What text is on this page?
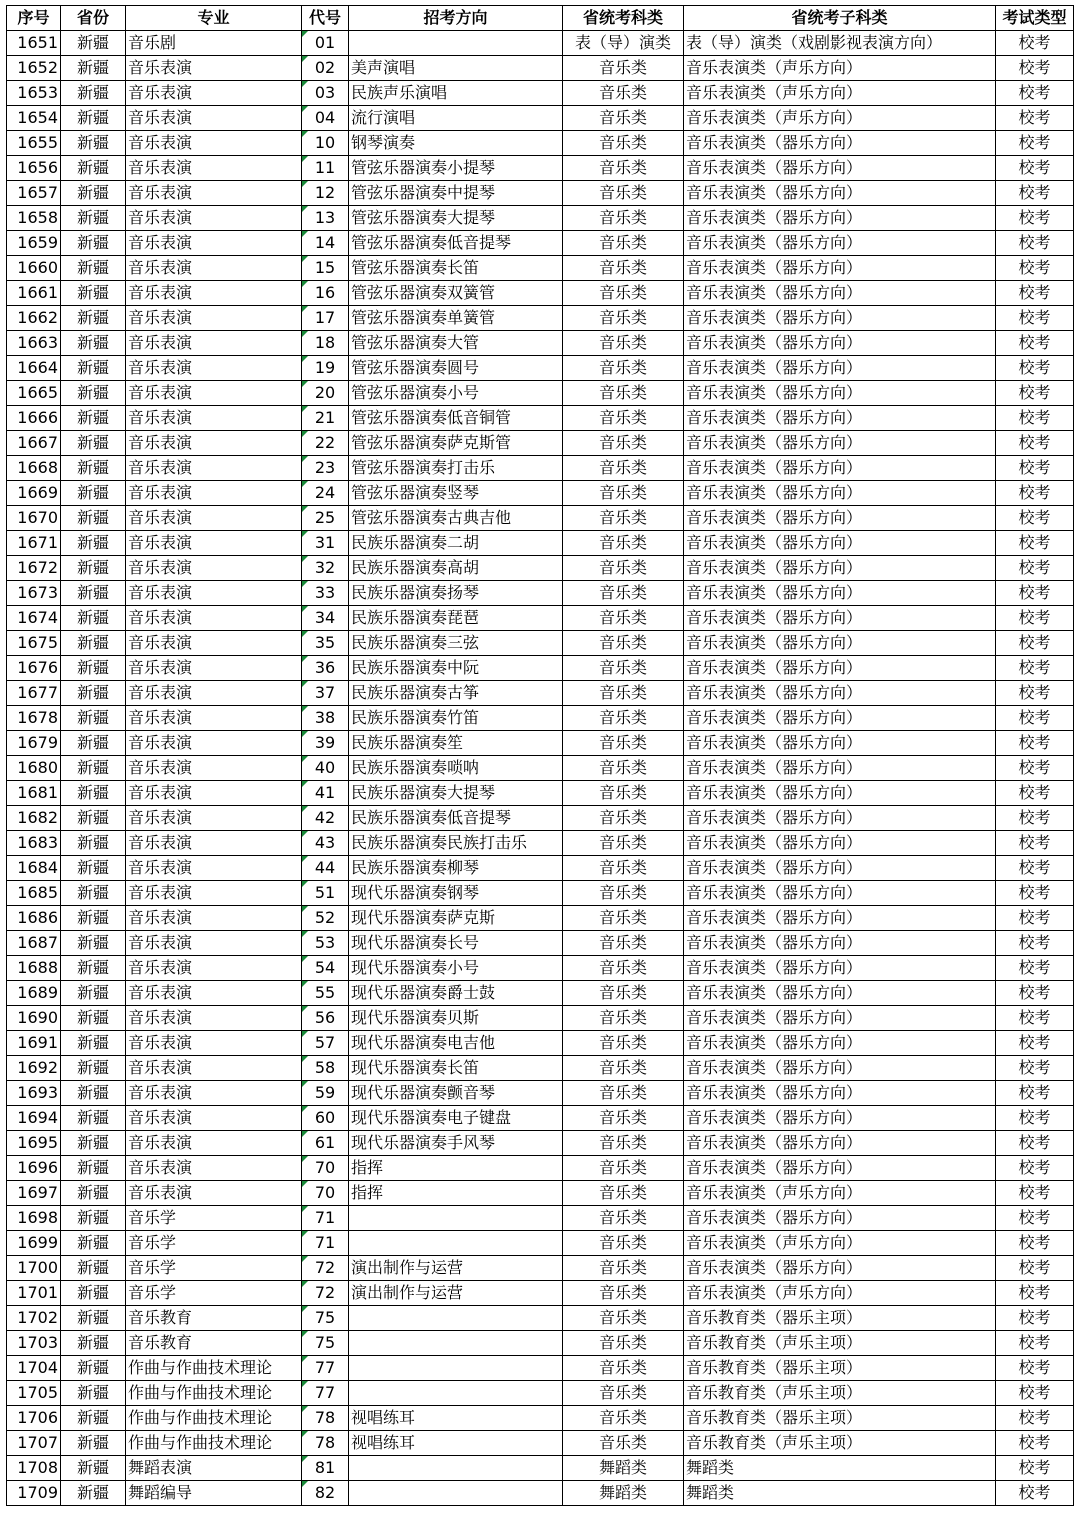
序号	省份	专业	代号	招考方向	省统考科类	省统考子科类	考试类型
1651	新疆	音乐剧	01		表（导）演类	表（导）演类（戏剧影视表演方向）	校考
1652	新疆	音乐表演	02	美声演唱	音乐类	音乐表演类（声乐方向）	校考
1653	新疆	音乐表演	03	民族声乐演唱	音乐类	音乐表演类（声乐方向）	校考
1654	新疆	音乐表演	04	流行演唱	音乐类	音乐表演类（声乐方向）	校考
1655	新疆	音乐表演	10	钢琴演奏	音乐类	音乐表演类（器乐方向）	校考
1656	新疆	音乐表演	11	管弦乐器演奏小提琴	音乐类	音乐表演类（器乐方向）	校考
1657	新疆	音乐表演	12	管弦乐器演奏中提琴	音乐类	音乐表演类（器乐方向）	校考
1658	新疆	音乐表演	13	管弦乐器演奏大提琴	音乐类	音乐表演类（器乐方向）	校考
1659	新疆	音乐表演	14	管弦乐器演奏低音提琴	音乐类	音乐表演类（器乐方向）	校考
1660	新疆	音乐表演	15	管弦乐器演奏长笛	音乐类	音乐表演类（器乐方向）	校考
1661	新疆	音乐表演	16	管弦乐器演奏双簧管	音乐类	音乐表演类（器乐方向）	校考
1662	新疆	音乐表演	17	管弦乐器演奏单簧管	音乐类	音乐表演类（器乐方向）	校考
1663	新疆	音乐表演	18	管弦乐器演奏大管	音乐类	音乐表演类（器乐方向）	校考
1664	新疆	音乐表演	19	管弦乐器演奏圆号	音乐类	音乐表演类（器乐方向）	校考
1665	新疆	音乐表演	20	管弦乐器演奏小号	音乐类	音乐表演类（器乐方向）	校考
1666	新疆	音乐表演	21	管弦乐器演奏低音铜管	音乐类	音乐表演类（器乐方向）	校考
1667	新疆	音乐表演	22	管弦乐器演奏萨克斯管	音乐类	音乐表演类（器乐方向）	校考
1668	新疆	音乐表演	23	管弦乐器演奏打击乐	音乐类	音乐表演类（器乐方向）	校考
1669	新疆	音乐表演	24	管弦乐器演奏竖琴	音乐类	音乐表演类（器乐方向）	校考
1670	新疆	音乐表演	25	管弦乐器演奏古典吉他	音乐类	音乐表演类（器乐方向）	校考
1671	新疆	音乐表演	31	民族乐器演奏二胡	音乐类	音乐表演类（器乐方向）	校考
1672	新疆	音乐表演	32	民族乐器演奏高胡	音乐类	音乐表演类（器乐方向）	校考
1673	新疆	音乐表演	33	民族乐器演奏扬琴	音乐类	音乐表演类（器乐方向）	校考
1674	新疆	音乐表演	34	民族乐器演奏琵琶	音乐类	音乐表演类（器乐方向）	校考
1675	新疆	音乐表演	35	民族乐器演奏三弦	音乐类	音乐表演类（器乐方向）	校考
1676	新疆	音乐表演	36	民族乐器演奏中阮	音乐类	音乐表演类（器乐方向）	校考
1677	新疆	音乐表演	37	民族乐器演奏古筝	音乐类	音乐表演类（器乐方向）	校考
1678	新疆	音乐表演	38	民族乐器演奏竹笛	音乐类	音乐表演类（器乐方向）	校考
1679	新疆	音乐表演	39	民族乐器演奏笙	音乐类	音乐表演类（器乐方向）	校考
1680	新疆	音乐表演	40	民族乐器演奏唢呐	音乐类	音乐表演类（器乐方向）	校考
1681	新疆	音乐表演	41	民族乐器演奏大提琴	音乐类	音乐表演类（器乐方向）	校考
1682	新疆	音乐表演	42	民族乐器演奏低音提琴	音乐类	音乐表演类（器乐方向）	校考
1683	新疆	音乐表演	43	民族乐器演奏民族打击乐	音乐类	音乐表演类（器乐方向）	校考
1684	新疆	音乐表演	44	民族乐器演奏柳琴	音乐类	音乐表演类（器乐方向）	校考
1685	新疆	音乐表演	51	现代乐器演奏钢琴	音乐类	音乐表演类（器乐方向）	校考
1686	新疆	音乐表演	52	现代乐器演奏萨克斯	音乐类	音乐表演类（器乐方向）	校考
1687	新疆	音乐表演	53	现代乐器演奏长号	音乐类	音乐表演类（器乐方向）	校考
1688	新疆	音乐表演	54	现代乐器演奏小号	音乐类	音乐表演类（器乐方向）	校考
1689	新疆	音乐表演	55	现代乐器演奏爵士鼓	音乐类	音乐表演类（器乐方向）	校考
1690	新疆	音乐表演	56	现代乐器演奏贝斯	音乐类	音乐表演类（器乐方向）	校考
1691	新疆	音乐表演	57	现代乐器演奏电吉他	音乐类	音乐表演类（器乐方向）	校考
1692	新疆	音乐表演	58	现代乐器演奏长笛	音乐类	音乐表演类（器乐方向）	校考
1693	新疆	音乐表演	59	现代乐器演奏颤音琴	音乐类	音乐表演类（器乐方向）	校考
1694	新疆	音乐表演	60	现代乐器演奏电子键盘	音乐类	音乐表演类（器乐方向）	校考
1695	新疆	音乐表演	61	现代乐器演奏手风琴	音乐类	音乐表演类（器乐方向）	校考
1696	新疆	音乐表演	70	指挥	音乐类	音乐表演类（器乐方向）	校考
1697	新疆	音乐表演	70	指挥	音乐类	音乐表演类（声乐方向）	校考
1698	新疆	音乐学	71		音乐类	音乐表演类（器乐方向）	校考
1699	新疆	音乐学	71		音乐类	音乐表演类（声乐方向）	校考
1700	新疆	音乐学	72	演出制作与运营	音乐类	音乐表演类（器乐方向）	校考
1701	新疆	音乐学	72	演出制作与运营	音乐类	音乐表演类（声乐方向）	校考
1702	新疆	音乐教育	75		音乐类	音乐教育类（器乐主项）	校考
1703	新疆	音乐教育	75		音乐类	音乐教育类（声乐主项）	校考
1704	新疆	作曲与作曲技术理论	77		音乐类	音乐教育类（器乐主项）	校考
1705	新疆	作曲与作曲技术理论	77		音乐类	音乐教育类（声乐主项）	校考
1706	新疆	作曲与作曲技术理论	78	视唱练耳	音乐类	音乐教育类（器乐主项）	校考
1707	新疆	作曲与作曲技术理论	78	视唱练耳	音乐类	音乐教育类（声乐主项）	校考
1708	新疆	舞蹈表演	81		舞蹈类	舞蹈类	校考
1709	新疆	舞蹈编导	82		舞蹈类	舞蹈类	校考
